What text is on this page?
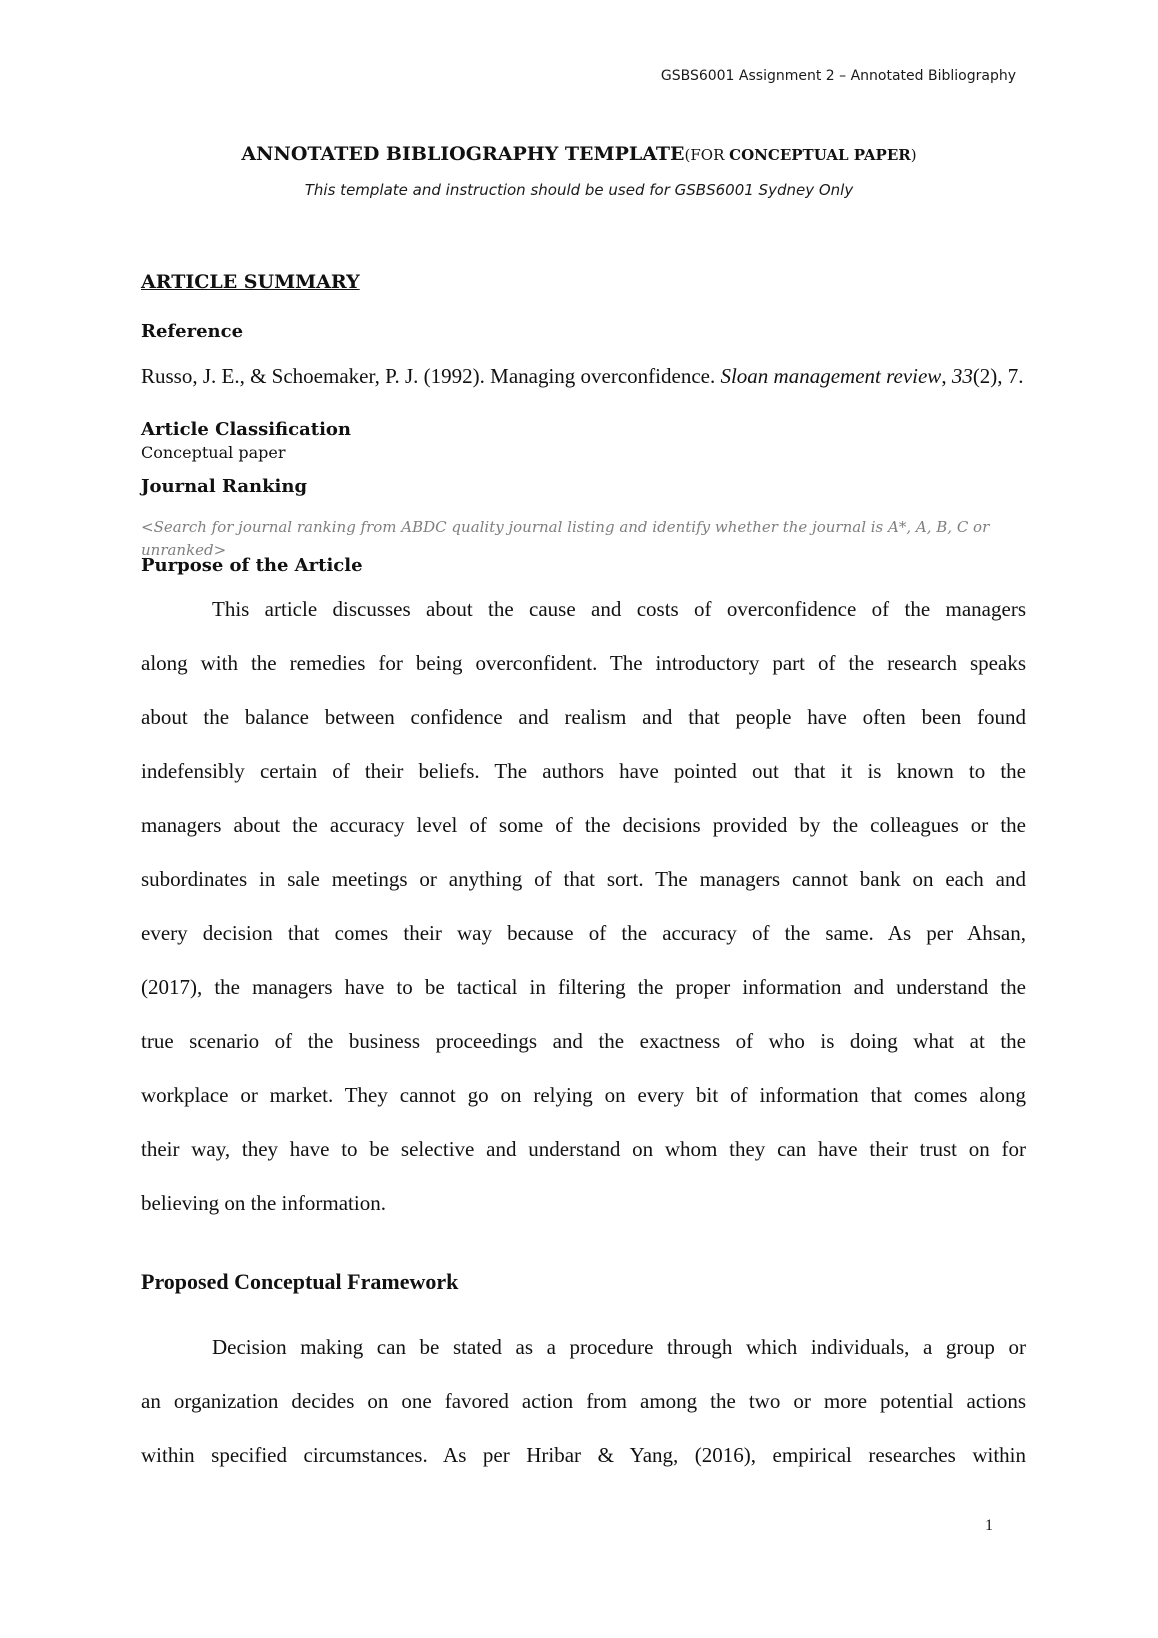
GSBS6001 Assignment 2 – Annotated Bibliography
ANNOTATED BIBLIOGRAPHY TEMPLATE(FOR CONCEPTUAL PAPER)
This template and instruction should be used for GSBS6001 Sydney Only
ARTICLE SUMMARY
Reference
Russo, J. E., & Schoemaker, P. J. (1992). Managing overconfidence. Sloan management review, 33(2), 7.
Article Classification
Conceptual paper
Journal Ranking
<Search for journal ranking from ABDC quality journal listing and identify whether the journal is A*, A, B, C or unranked>
Purpose of the Article
This article discusses about the cause and costs of overconfidence of the managers
along with the remedies for being overconfident. The introductory part of the research speaks
about the balance between confidence and realism and that people have often been found
indefensibly certain of their beliefs. The authors have pointed out that it is known to the
managers about the accuracy level of some of the decisions provided by the colleagues or the
subordinates in sale meetings or anything of that sort. The managers cannot bank on each and
every decision that comes their way because of the accuracy of the same. As per Ahsan,
(2017), the managers have to be tactical in filtering the proper information and understand the
true scenario of the business proceedings and the exactness of who is doing what at the
workplace or market. They cannot go on relying on every bit of information that comes along
their way, they have to be selective and understand on whom they can have their trust on for
believing on the information.
Proposed Conceptual Framework
Decision making can be stated as a procedure through which individuals, a group or
an organization decides on one favored action from among the two or more potential actions
within specified circumstances. As per Hribar & Yang, (2016), empirical researches within
1
